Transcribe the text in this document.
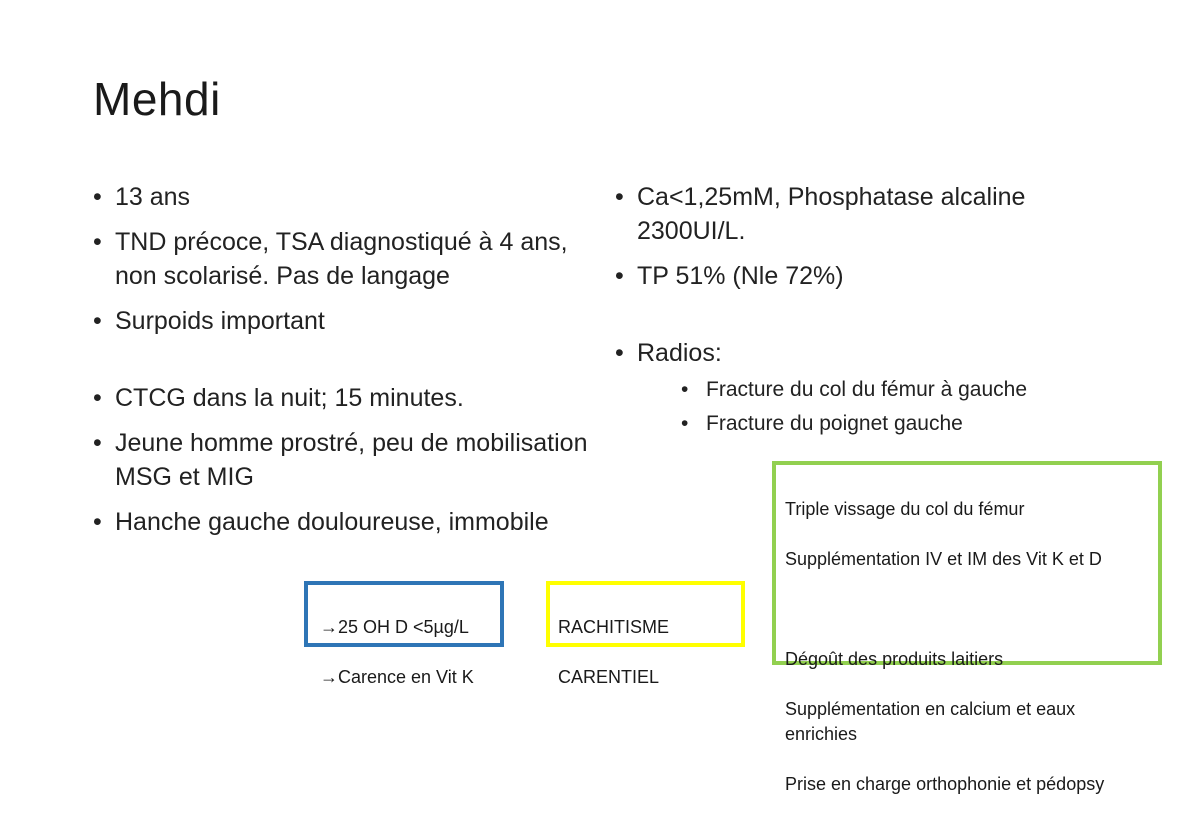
Mehdi
• 13 ans
• TND précoce, TSA diagnostiqué à 4 ans, non scolarisé. Pas de langage
• Surpoids important
• CTCG dans la nuit; 15 minutes.
• Jeune homme prostré, peu de mobilisation MSG et MIG
• Hanche gauche douloureuse, immobile
• Ca<1,25mM, Phosphatase alcaline 2300UI/L.
• TP 51% (Nle 72%)
• Radios:
• Fracture du col du fémur à gauche
• Fracture du poignet gauche

→25 OH D <5µg/L

→Carence en Vit K

RACHITISME

CARENTIEL

Triple vissage du col du fémur

Supplémentation IV et IM des Vit K et D

Dégoût des produits laitiers

Supplémentation en calcium et eaux enrichies

Prise en charge orthophonie et pédopsy
